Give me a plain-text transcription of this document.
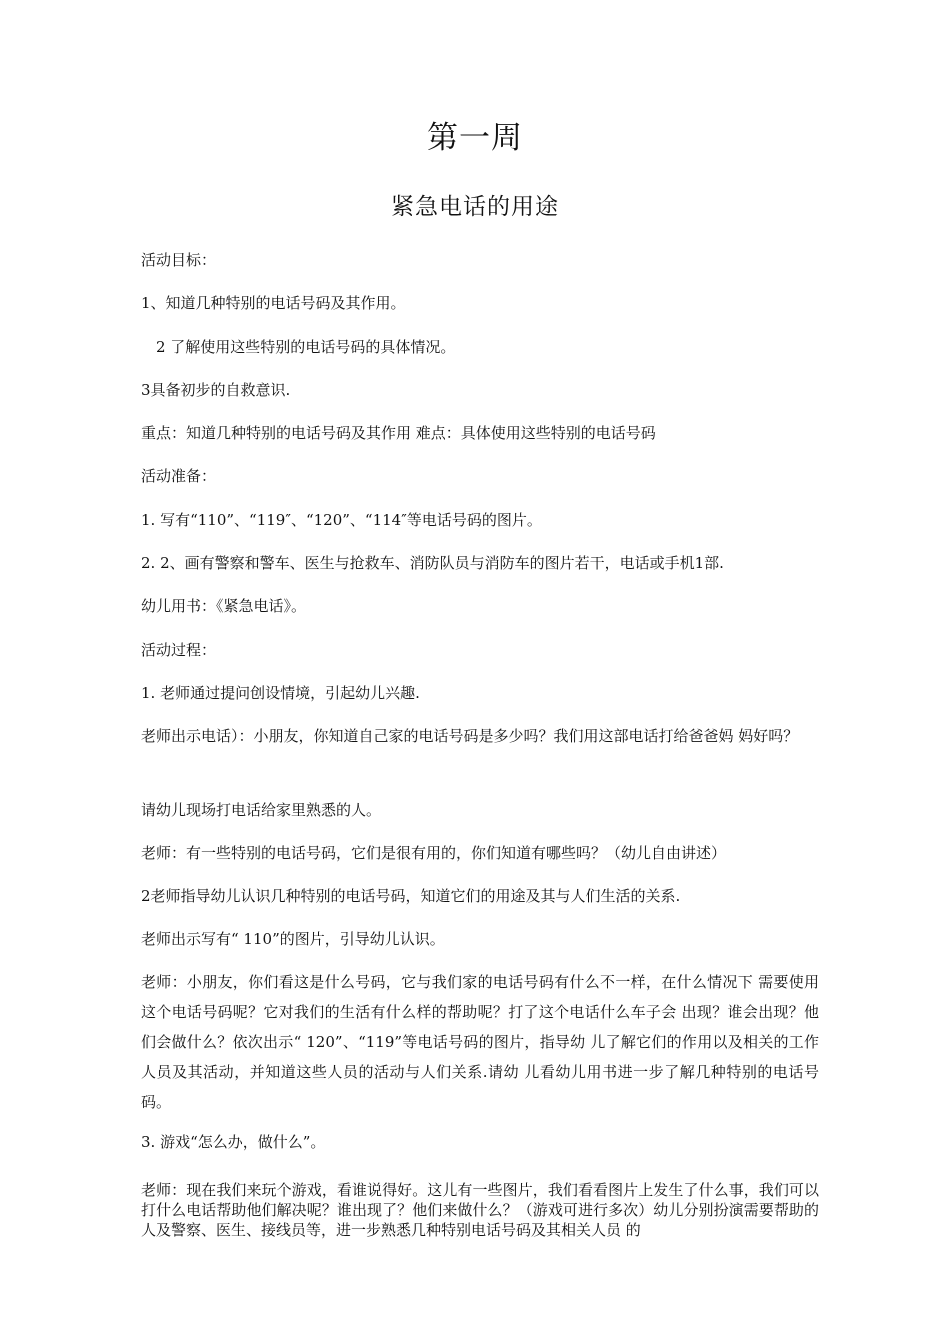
第一周
紧急电话的用途
活动目标：
1、知道几种特别的电话号码及其作用。
　2 了解使用这些特别的电话号码的具体情况。
3具备初步的自救意识.
重点：知道几种特别的电话号码及其作用 难点：具体使用这些特别的电话号码
活动准备：
1. 写有“110”、“119″、“120”、“114″等电话号码的图片。
2. 2、画有警察和警车、医生与抢救车、消防队员与消防车的图片若干，电话或手机1部.
幼儿用书：《紧急电话》。
活动过程：
1. 老师通过提问创设情境，引起幼儿兴趣.
老师出示电话）：小朋友，你知道自己家的电话号码是多少吗？我们用这部电话打给爸爸妈 妈好吗？
请幼儿现场打电话给家里熟悉的人。
老师：有一些特别的电话号码，它们是很有用的，你们知道有哪些吗？（幼儿自由讲述）
2老师指导幼儿认识几种特别的电话号码，知道它们的用途及其与人们生活的关系.
老师出示写有“ 110”的图片，引导幼儿认识。
老师：小朋友，你们看这是什么号码，它与我们家的电话号码有什么不一样，在什么情况下 需要使用这个电话号码呢？它对我们的生活有什么样的帮助呢？打了这个电话什么车子会 出现？谁会出现？他们会做什么？依次出示“ 120”、“119”等电话号码的图片，指导幼 儿了解它们的作用以及相关的工作人员及其活动，并知道这些人员的活动与人们关系.请幼 儿看幼儿用书进一步了解几种特别的电话号码。
3. 游戏“怎么办，做什么”。
老师：现在我们来玩个游戏，看谁说得好。这儿有一些图片，我们看看图片上发生了什么事，我们可以打什么电话帮助他们解决呢？谁出现了？他们来做什么？（游戏可进行多次）幼儿分别扮演需要帮助的人及警察、医生、接线员等，进一步熟悉几种特别电话号码及其相关人员 的
